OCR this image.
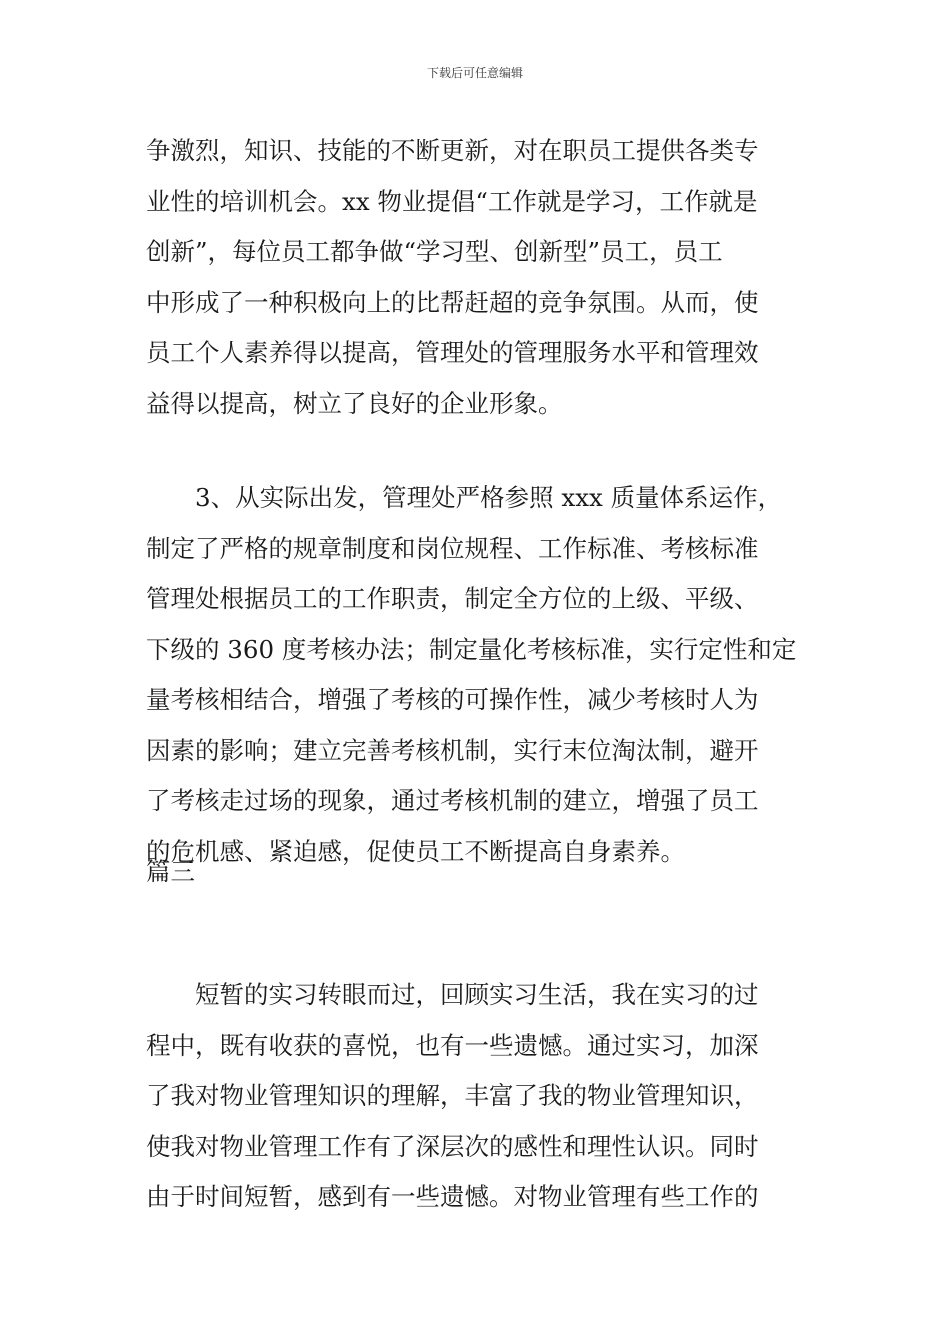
下载后可任意编辑
争激烈，知识、技能的不断更新，对在职员工提供各类专
业性的培训机会。xx 物业提倡“工作就是学习，工作就是
创新”，每位员工都争做“学习型、创新型”员工，员工
中形成了一种积极向上的比帮赶超的竞争氛围。从而，使
员工个人素养得以提高，管理处的管理服务水平和管理效
益得以提高，树立了良好的企业形象。
3、从实际出发，管理处严格参照 xxx 质量体系运作，
制定了严格的规章制度和岗位规程、工作标准、考核标准
管理处根据员工的工作职责，制定全方位的上级、平级、
下级的 360 度考核办法；制定量化考核标准，实行定性和定
量考核相结合，增强了考核的可操作性，减少考核时人为
因素的影响；建立完善考核机制，实行末位淘汰制，避开
了考核走过场的现象，通过考核机制的建立，增强了员工
的危机感、紧迫感，促使员工不断提高自身素养。
篇三
短暂的实习转眼而过，回顾实习生活，我在实习的过
程中，既有收获的喜悦，也有一些遗憾。通过实习，加深
了我对物业管理知识的理解，丰富了我的物业管理知识，
使我对物业管理工作有了深层次的感性和理性认识。同时
由于时间短暂，感到有一些遗憾。对物业管理有些工作的
